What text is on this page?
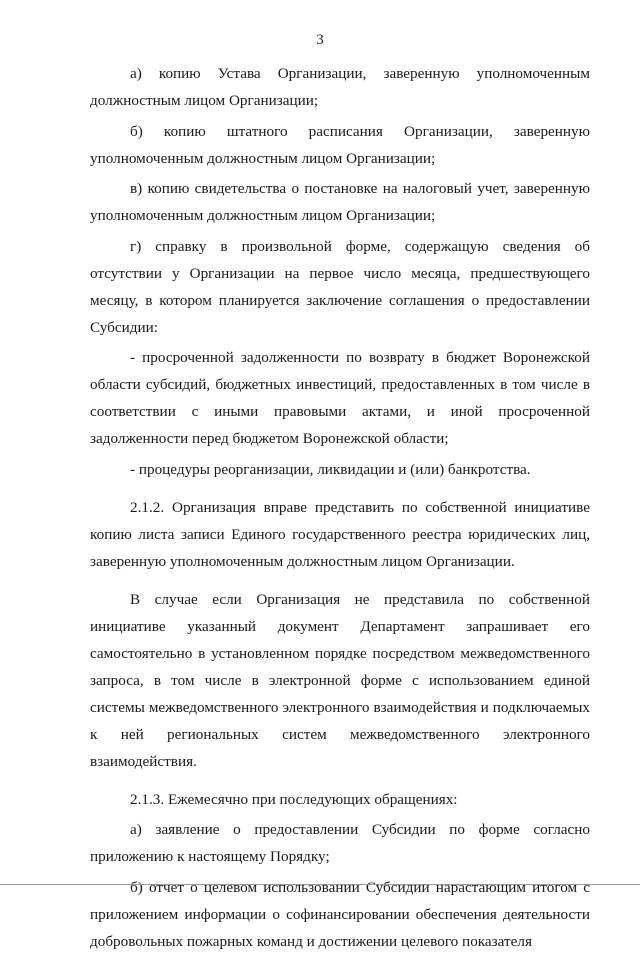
3

а) копию Устава Организации, заверенную уполномоченным должностным лицом Организации;

б) копию штатного расписания Организации, заверенную уполномоченным должностным лицом Организации;

в) копию свидетельства о постановке на налоговый учет, заверенную уполномоченным должностным лицом Организации;

г) справку в произвольной форме, содержащую сведения об отсутствии у Организации на первое число месяца, предшествующего месяцу, в котором планируется заключение соглашения о предоставлении Субсидии:

- просроченной задолженности по возврату в бюджет Воронежской области субсидий, бюджетных инвестиций, предоставленных в том числе в соответствии с иными правовыми актами, и иной просроченной задолженности перед бюджетом Воронежской области;

- процедуры реорганизации, ликвидации и (или) банкротства.

2.1.2. Организация вправе представить по собственной инициативе копию листа записи Единого государственного реестра юридических лиц, заверенную уполномоченным должностным лицом Организации.

В случае если Организация не представила по собственной инициативе указанный документ Департамент запрашивает его самостоятельно в установленном порядке посредством межведомственного запроса, в том числе в электронной форме с использованием единой системы межведомственного электронного взаимодействия и подключаемых к ней региональных систем межведомственного электронного взаимодействия.

2.1.3. Ежемесячно при последующих обращениях:

а) заявление о предоставлении Субсидии по форме согласно приложению к настоящему Порядку;

б) отчет о целевом использовании Субсидии нарастающим итогом с приложением информации о софинансировании обеспечения деятельности добровольных пожарных команд и достижении целевого показателя
